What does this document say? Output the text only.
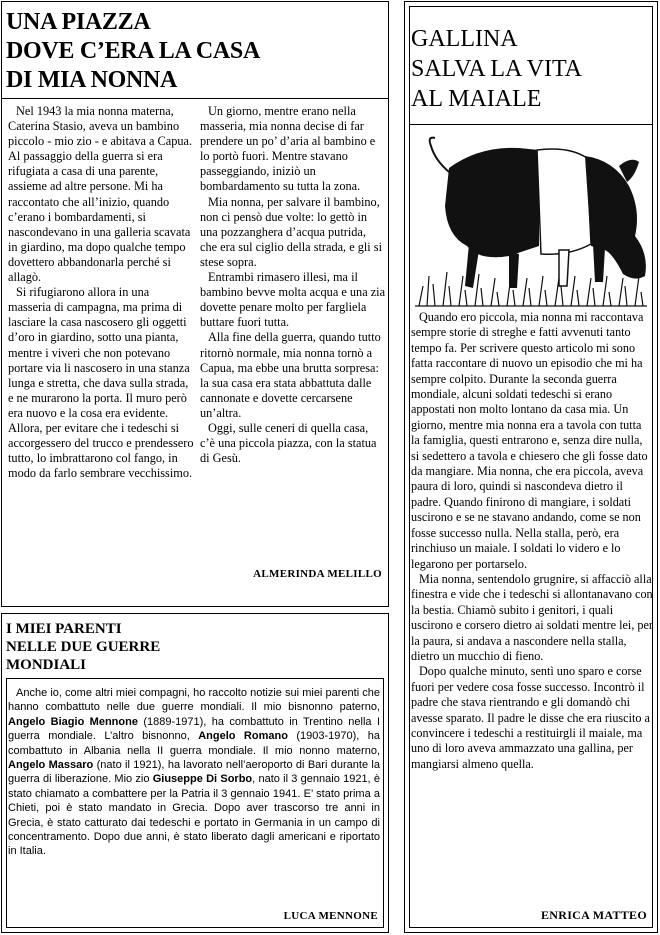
UNA PIAZZA
DOVE C’ERA LA CASA
DI MIA NONNA

Nel 1943 la mia nonna materna, Caterina Stasio, aveva un bambino piccolo - mio zio - e abitava a Capua. Al passaggio della guerra si era rifugiata a casa di una parente, assieme ad altre persone. Mi ha raccontato che all’inizio, quando c’erano i bombardamenti, si nascondevano in una galleria scavata in giardino, ma dopo qualche tempo dovettero abbandonarla perché si allagò.

Si rifugiarono allora in una masseria di campagna, ma prima di lasciare la casa nascosero gli oggetti d’oro in giardino, sotto una pianta, mentre i viveri che non potevano portare via li nascosero in una stanza lunga e stretta, che dava sulla strada, e ne murarono la porta. Il muro però era nuovo e la cosa era evidente. Allora, per evitare che i tedeschi si accorgessero del trucco e prendessero tutto, lo imbrattarono col fango, in modo da farlo sembrare vecchissimo.

Un giorno, mentre erano nella masseria, mia nonna decise di far prendere un po’ d’aria al bambino e lo portò fuori. Mentre stavano passeggiando, iniziò un bombardamento su tutta la zona.

Mia nonna, per salvare il bambino, non ci pensò due volte: lo gettò in una pozzanghera d’acqua putrida, che era sul ciglio della strada, e gli si stese sopra.

Entrambi rimasero illesi, ma il bambino bevve molta acqua e una zia dovette penare molto per fargliela buttare fuori tutta.

Alla fine della guerra, quando tutto ritornò normale, mia nonna tornò a Capua, ma ebbe una brutta sorpresa: la sua casa era stata abbattuta dalle cannonate e dovette cercarsene un’altra.

Oggi, sulle ceneri di quella casa, c’è una piccola piazza, con la statua di Gesù.

ALMERINDA MELILLO
I MIEI PARENTI
NELLE DUE GUERRE
MONDIALI

Anche io, come altri miei compagni, ho raccolto notizie sui miei parenti che hanno combattuto nelle due guerre mondiali. Il mio bisnonno paterno, Angelo Biagio Mennone (1889-1971), ha combattuto in Trentino nella I guerra mondiale. L’altro bisnonno, Angelo Romano (1903-1970), ha combattuto in Albania nella II guerra mondiale. Il mio nonno materno, Angelo Massaro (nato il 1921), ha lavorato nell’aeroporto di Bari durante la guerra di liberazione. Mio zio Giuseppe Di Sorbo, nato il 3 gennaio 1921, è stato chiamato a combattere per la Patria il 3 gennaio 1941. E’ stato prima a Chieti, poi è stato mandato in Grecia. Dopo aver trascorso tre anni in Grecia, è stato catturato dai tedeschi e portato in Germania in un campo di concentramento. Dopo due anni, è stato liberato dagli americani e riportato in Italia.

LUCA MENNONE
GALLINA
SALVA LA VITA
AL MAIALE

Quando ero piccola, mia nonna mi raccontava sempre storie di streghe e fatti avvenuti tanto tempo fa. Per scrivere questo articolo mi sono fatta raccontare di nuovo un episodio che mi ha sempre colpito. Durante la seconda guerra mondiale, alcuni soldati tedeschi si erano appostati non molto lontano da casa mia. Un giorno, mentre mia nonna era a tavola con tutta la famiglia, questi entrarono e, senza dire nulla, si sedettero a tavola e chiesero che gli fosse dato da mangiare. Mia nonna, che era piccola, aveva paura di loro, quindi si nascondeva dietro il padre. Quando finirono di mangiare, i soldati uscirono e se ne stavano andando, come se non fosse successo nulla. Nella stalla, però, era rinchiuso un maiale. I soldati lo videro e lo legarono per portarselo.

Mia nonna, sentendolo grugnire, si affacciò alla finestra e vide che i tedeschi si allontanavano con la bestia. Chiamò subito i genitori, i quali uscirono e corsero dietro ai soldati mentre lei, per la paura, si andava a nascondere nella stalla, dietro un mucchio di fieno.

Dopo qualche minuto, sentì uno sparo e corse fuori per vedere cosa fosse successo. Incontrò il padre che stava rientrando e gli domandò chi avesse sparato. Il padre le disse che era riuscito a convincere i tedeschi a restituirgli il maiale, ma uno di loro aveva ammazzato una gallina, per mangiarsi almeno quella.

ENRICA MATTEO
